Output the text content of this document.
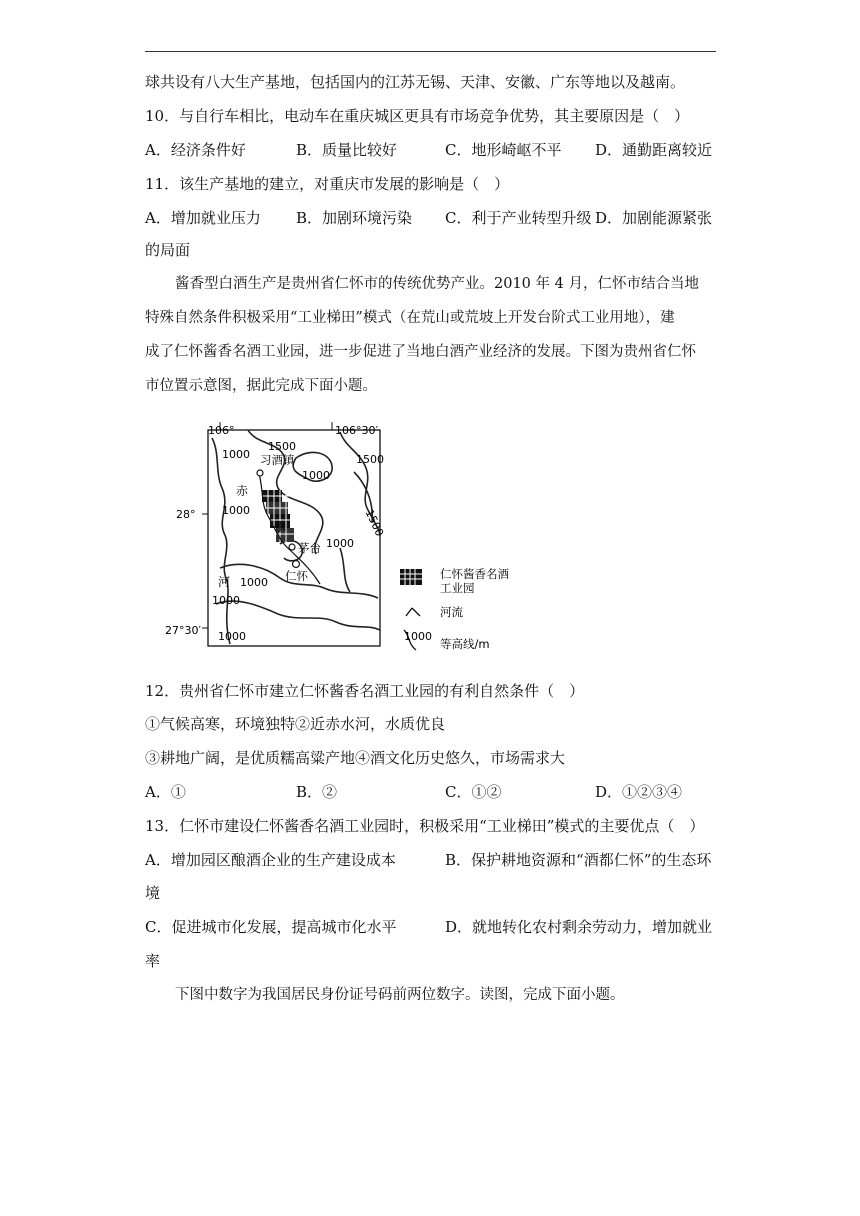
球共设有八大生产基地，包括国内的江苏无锡、天津、安徽、广东等地以及越南。
10．与自行车相比，电动车在重庆城区更具有市场竞争优势，其主要原因是（　）
A．经济条件好	B．质量比较好	C．地形崎岖不平 D．通勤距离较近
11．该生产基地的建立，对重庆市发展的影响是（　）
A．增加就业压力 B．加剧环境污染 C．利于产业转型升级 D．加剧能源紧张
的局面
酱香型白酒生产是贵州省仁怀市的传统优势产业。2010 年 4 月，仁怀市结合当地
特殊自然条件积极采用“工业梯田”模式（在荒山或荒坡上开发台阶式工业用地），建
成了仁怀酱香名酒工业园，进一步促进了当地白酒产业经济的发展。下图为贵州省仁怀
市位置示意图，据此完成下面小题。
106°	106°30′
28°
27°30′
习酒镇
茅台
仁怀
赤
水
河
1500
1000
1000
1500
1000	1500
1000
1000
1000
1000
仁怀酱香名酒
工业园
河流
1000
等高线/m
12．贵州省仁怀市建立仁怀酱香名酒工业园的有利自然条件（　）
①气候高寒，环境独特②近赤水河，水质优良
③耕地广阔，是优质糯高粱产地④酒文化历史悠久，市场需求大
A．①	B．②	C．①②	D．①②③④
13．仁怀市建设仁怀酱香名酒工业园时，积极采用“工业梯田”模式的主要优点（　）
A．增加园区酿酒企业的生产建设成本	B．保护耕地资源和“酒都仁怀”的生态环
境
C．促进城市化发展，提高城市化水平	D．就地转化农村剩余劳动力，增加就业
率
下图中数字为我国居民身份证号码前两位数字。读图，完成下面小题。
